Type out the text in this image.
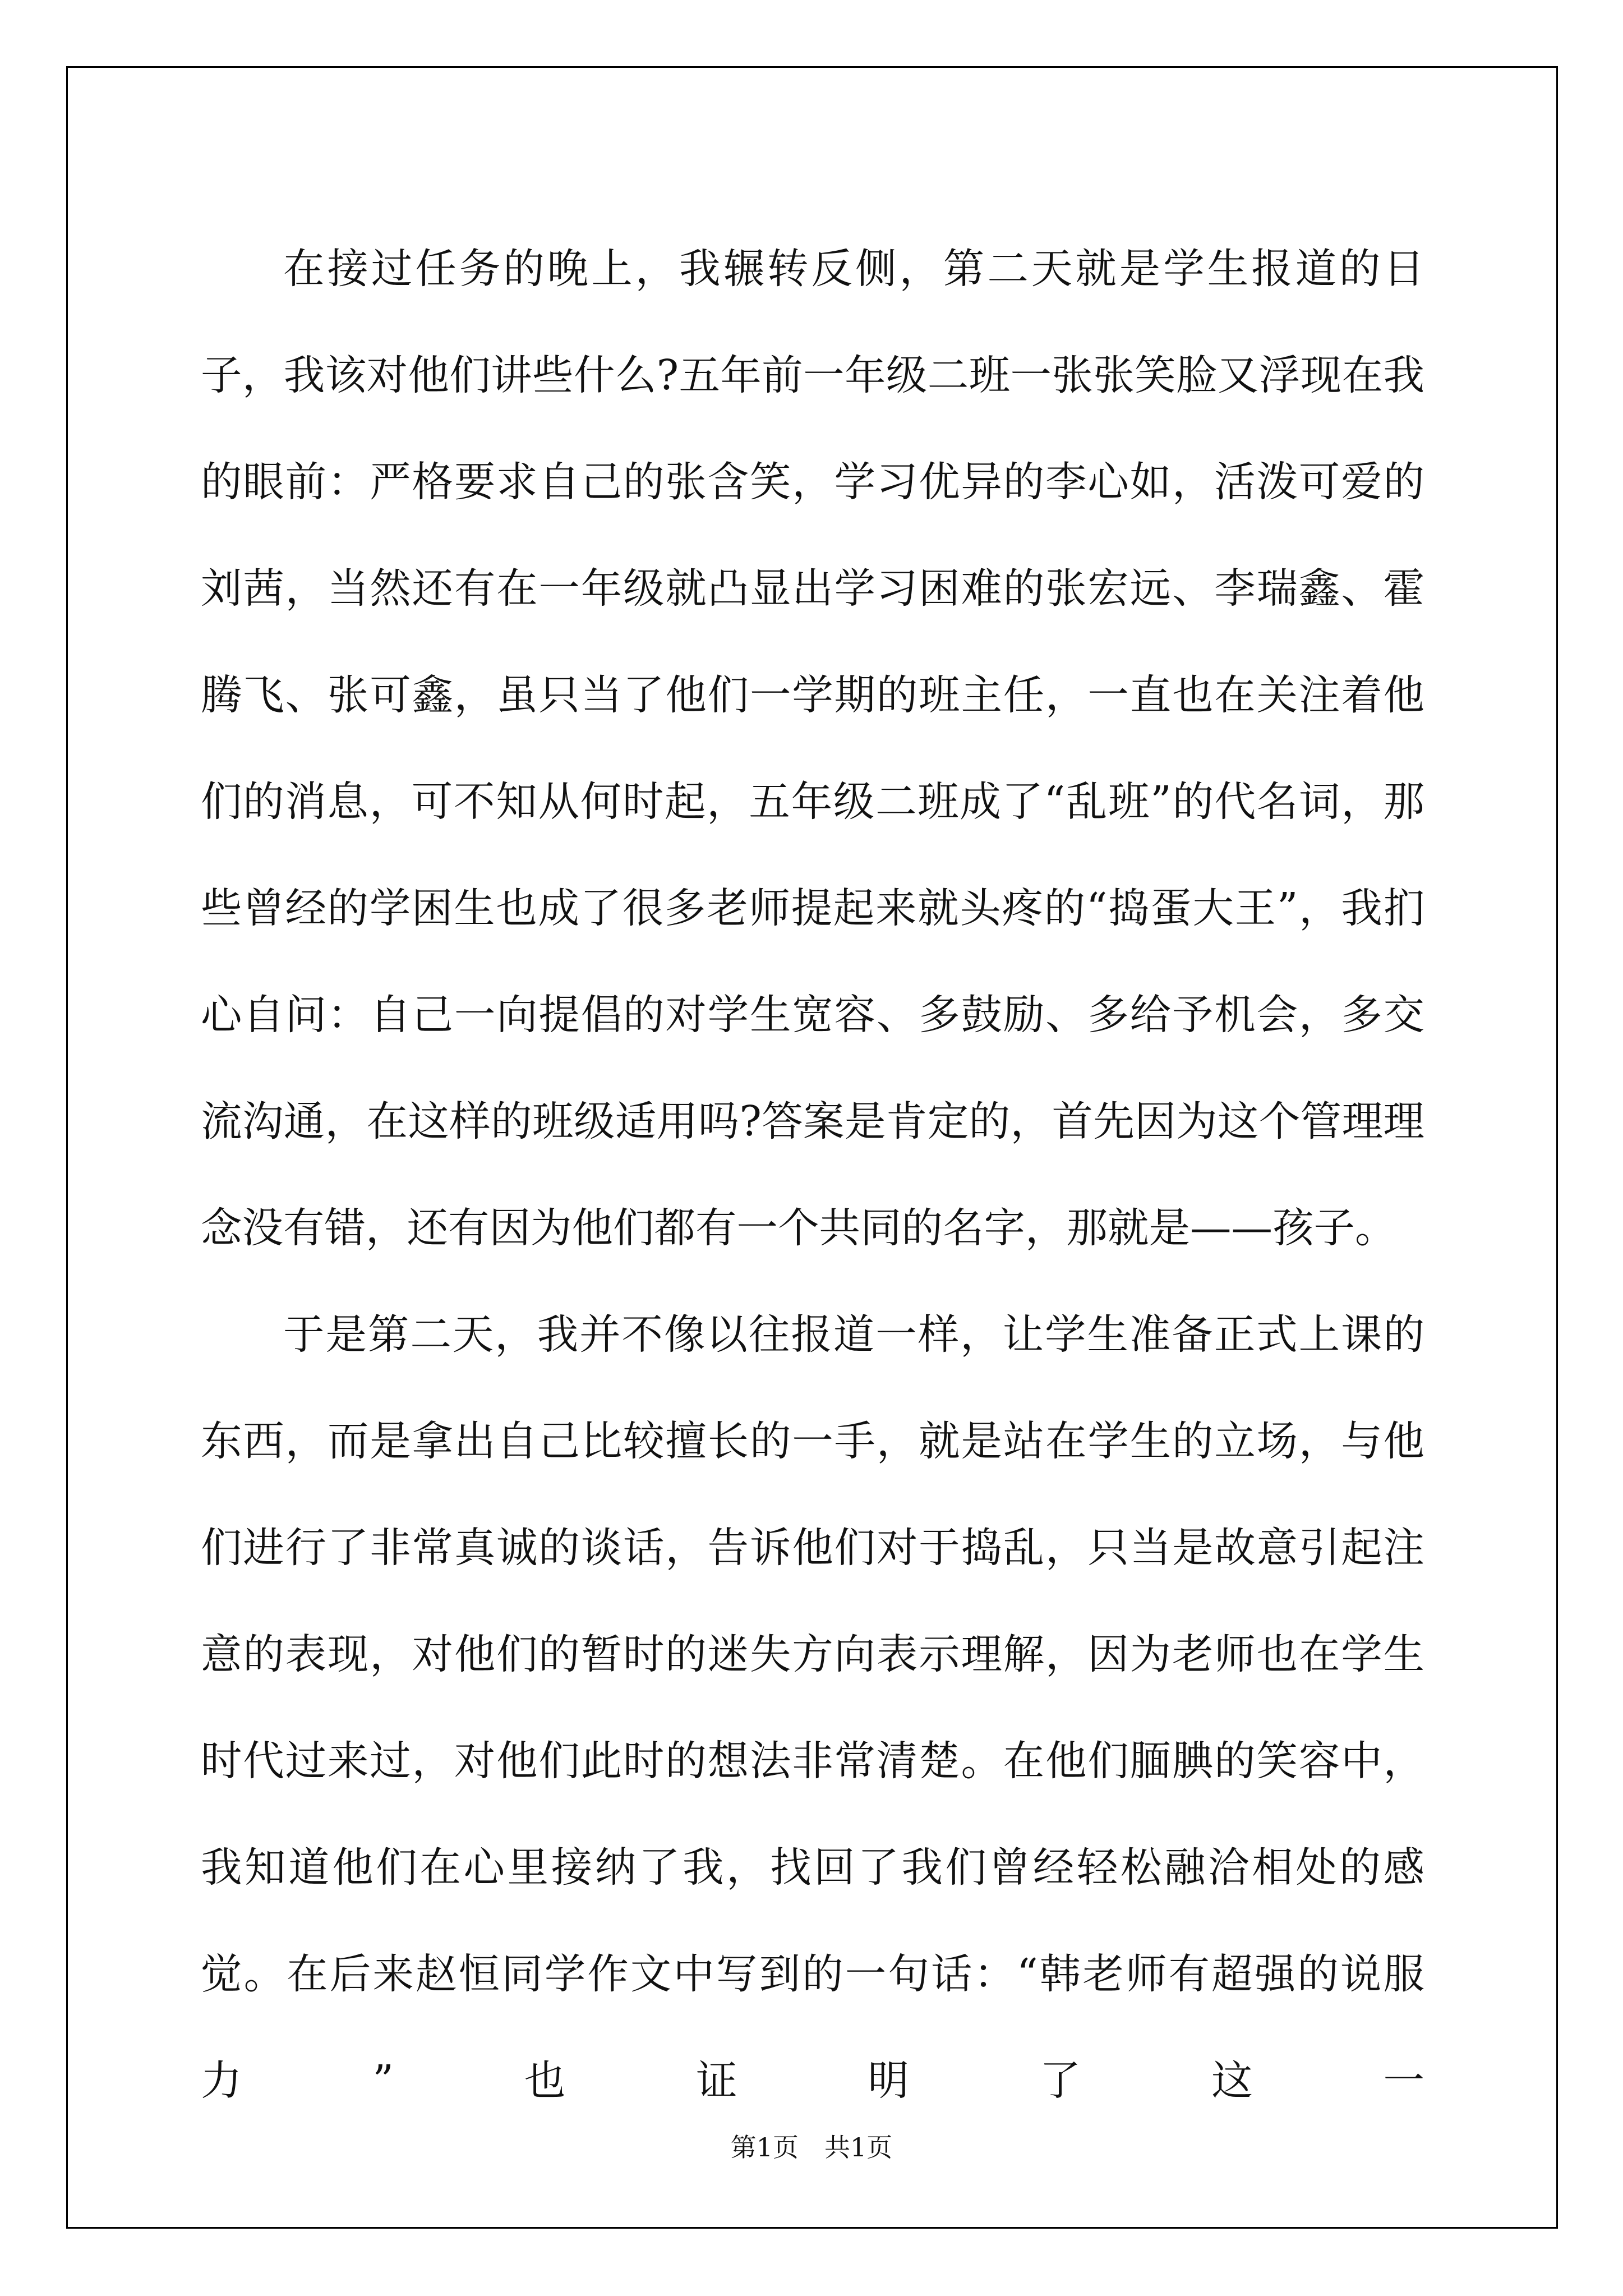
在接过任务的晚上，我辗转反侧，第二天就是学生报道的日子，我该对他们讲些什么?五年前一年级二班一张张笑脸又浮现在我的眼前：严格要求自己的张含笑，学习优异的李心如，活泼可爱的刘茜，当然还有在一年级就凸显出学习困难的张宏远、李瑞鑫、霍腾飞、张可鑫，虽只当了他们一学期的班主任，一直也在关注着他们的消息，可不知从何时起，五年级二班成了“乱班”的代名词，那些曾经的学困生也成了很多老师提起来就头疼的“捣蛋大王”，我扪心自问：自己一向提倡的对学生宽容、多鼓励、多给予机会，多交流沟通，在这样的班级适用吗?答案是肯定的，首先因为这个管理理念没有错，还有因为他们都有一个共同的名字，那就是——孩子。

于是第二天，我并不像以往报道一样，让学生准备正式上课的东西，而是拿出自己比较擅长的一手，就是站在学生的立场，与他们进行了非常真诚的谈话，告诉他们对于捣乱，只当是故意引起注意的表现，对他们的暂时的迷失方向表示理解，因为老师也在学生时代过来过，对他们此时的想法非常清楚。在他们腼腆的笑容中，我知道他们在心里接纳了我，找回了我们曾经轻松融洽相处的感觉。在后来赵恒同学作文中写到的一句话：“韩老师有超强的说服力”也证明了这一

第1页　共1页
